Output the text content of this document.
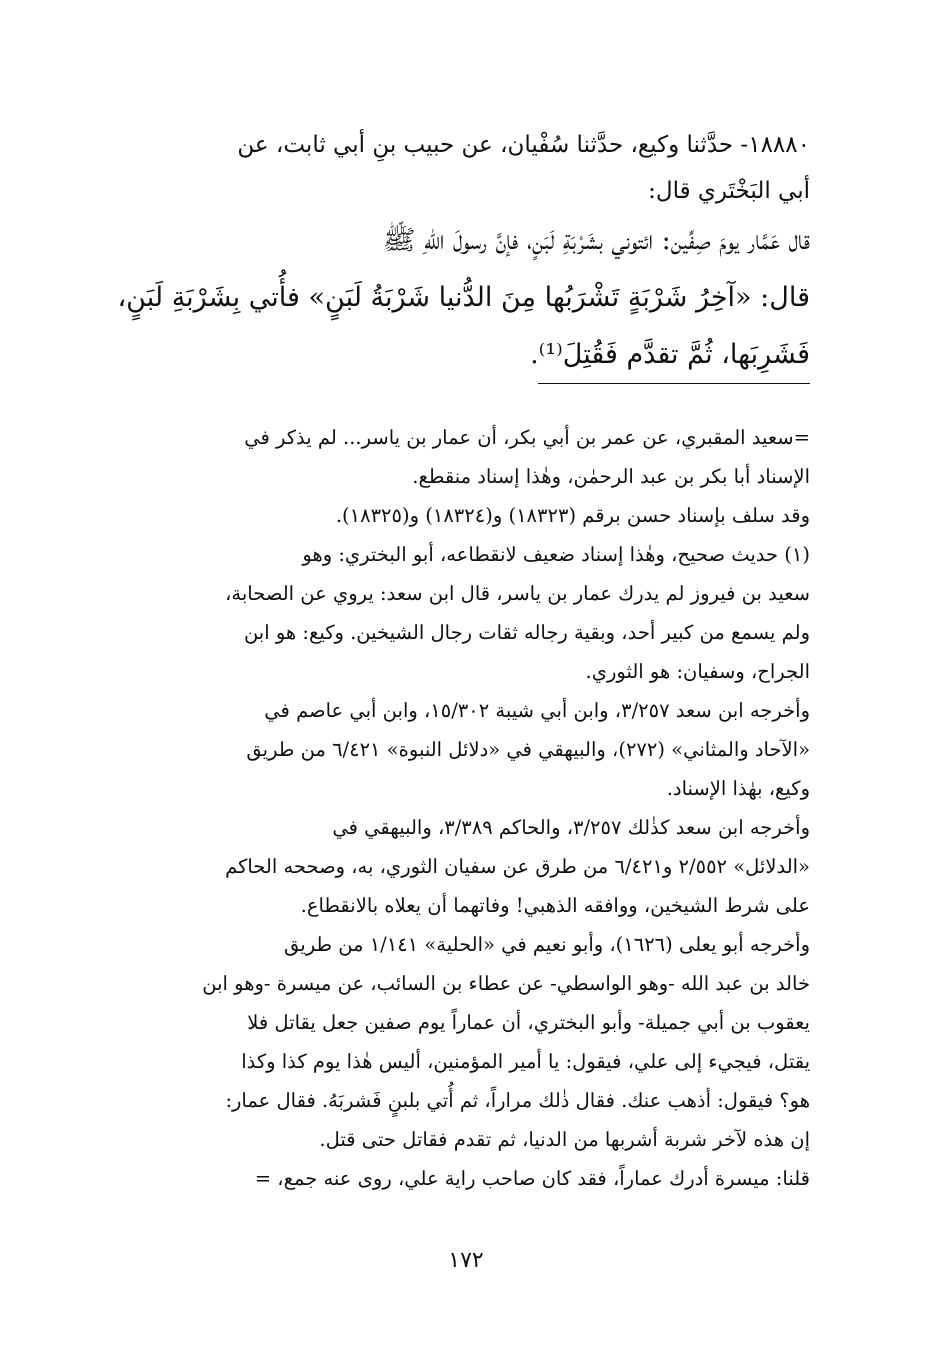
١٨٨٨٠- حدَّثنا وكيع، حدَّثنا سُفْيان، عن حبيب بنِ أبي ثابت، عن
أبي البَخْتَري قال:
قال عَمَّار يومَ صِفِّين: ائتوني بشَرْبَةِ لَبَنٍ، فإنَّ رسولَ اللهِ ﷺ
قال: «آخِرُ شَرْبَةٍ تَشْرَبُها مِنَ الدُّنيا شَرْبَةُ لَبَنٍ» فأُتي بِشَرْبَةِ لَبَنٍ،
فَشَرِبَها، ثُمَّ تقدَّم فَقُتِلَ⁽¹⁾.
=سعيد المقبري، عن عمر بن أبي بكر، أن عمار بن ياسر... لم يذكر في
الإسناد أبا بكر بن عبد الرحمٰن، وهٰذا إسناد منقطع.
وقد سلف بإسناد حسن برقم (١٨٣٢٣) و(١٨٣٢٤) و(١٨٣٢٥).
(١) حديث صحيح، وهٰذا إسناد ضعيف لانقطاعه، أبو البختري: وهو
سعيد بن فيروز لم يدرك عمار بن ياسر، قال ابن سعد: يروي عن الصحابة،
ولم يسمع من كبير أحد، وبقية رجاله ثقات رجال الشيخين. وكيع: هو ابن
الجراح، وسفيان: هو الثوري.
وأخرجه ابن سعد ٣/٢٥٧، وابن أبي شيبة ١٥/٣٠٢، وابن أبي عاصم في
«الآحاد والمثاني» (٢٧٢)، والبيهقي في «دلائل النبوة» ٦/٤٢١ من طريق
وكيع، بهٰذا الإسناد.
وأخرجه ابن سعد كذٰلك ٣/٢٥٧، والحاكم ٣/٣٨٩، والبيهقي في
«الدلائل» ٢/٥٥٢ و٦/٤٢١ من طرق عن سفيان الثوري، به، وصححه الحاكم
على شرط الشيخين، ووافقه الذهبي! وفاتهما أن يعلاه بالانقطاع.
وأخرجه أبو يعلى (١٦٢٦)، وأبو نعيم في «الحلية» ١/١٤١ من طريق
خالد بن عبد الله -وهو الواسطي- عن عطاء بن السائب، عن ميسرة -وهو ابن
يعقوب بن أبي جميلة- وأبو البختري، أن عماراً يوم صفين جعل يقاتل فلا
يقتل، فيجيء إلى علي، فيقول: يا أمير المؤمنين، أليس هٰذا يوم كذا وكذا
هو؟ فيقول: أذهب عنك. فقال ذٰلك مراراً، ثم أُتي بلبنٍ فَشربَهُ. فقال عمار:
إن هذه لآخر شربة أشربها من الدنيا، ثم تقدم فقاتل حتى قتل.
قلنا: ميسرة أدرك عماراً، فقد كان صاحب راية علي، روى عنه جمع، =
١٧٢
